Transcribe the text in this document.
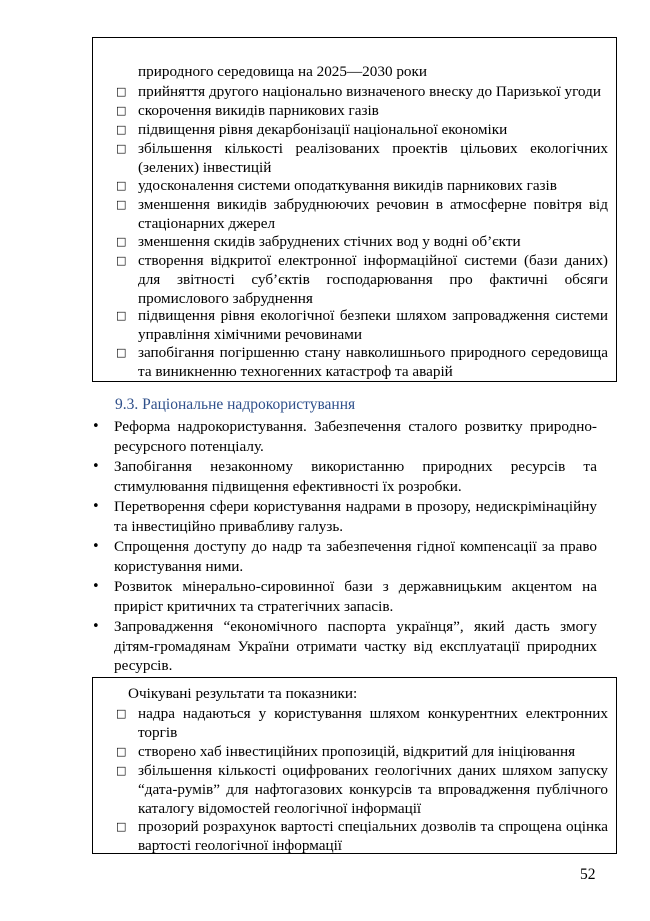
природного середовища на 2025―2030 роки
□ прийняття другого національно визначеного внеску до Паризької угоди
□ скорочення викидів парникових газів
□ підвищення рівня декарбонізації національної економіки
□ збільшення кількості реалізованих проектів цільових екологічних
(зелених) інвестицій
□ удосконалення системи оподаткування викидів парникових газів
□ зменшення викидів забруднюючих речовин в атмосферне повітря від
стаціонарних джерел
□ зменшення скидів забруднених стічних вод у водні об’єкти
□ створення відкритої електронної інформаційної системи (бази даних)
для звітності суб’єктів господарювання про фактичні обсяги
промислового забруднення
□ підвищення рівня екологічної безпеки шляхом запровадження системи
управління хімічними речовинами
□ запобігання погіршенню стану навколишнього природного середовища
та виникненню техногенних катастроф та аварій
9.3. Раціональне надрокористування
• Реформа надрокористування. Забезпечення сталого розвитку природно-
ресурсного потенціалу.
• Запобігання незаконному використанню природних ресурсів та
стимулювання підвищення ефективності їх розробки.
• Перетворення сфери користування надрами в прозору, недискрімінаційну
та інвестиційно привабливу галузь.
• Спрощення доступу до надр та забезпечення гідної компенсації за право
користування ними.
• Розвиток мінерально-сировинної бази з державницьким акцентом на
приріст критичних та стратегічних запасів.
• Запровадження “економічного паспорта українця”, який дасть змогу
дітям-громадянам України отримати частку від експлуатації природних
ресурсів.
Очікувані результати та показники:
□ надра надаються у користування шляхом конкурентних електронних
торгів
□ створено хаб інвестиційних пропозицій, відкритий для ініціювання
□ збільшення кількості оцифрованих геологічних даних шляхом запуску
“дата-румів” для нафтогазових конкурсів та впровадження публічного
каталогу відомостей геологічної інформації
□ прозорий розрахунок вартості спеціальних дозволів та спрощена оцінка
вартості геологічної інформації
52
